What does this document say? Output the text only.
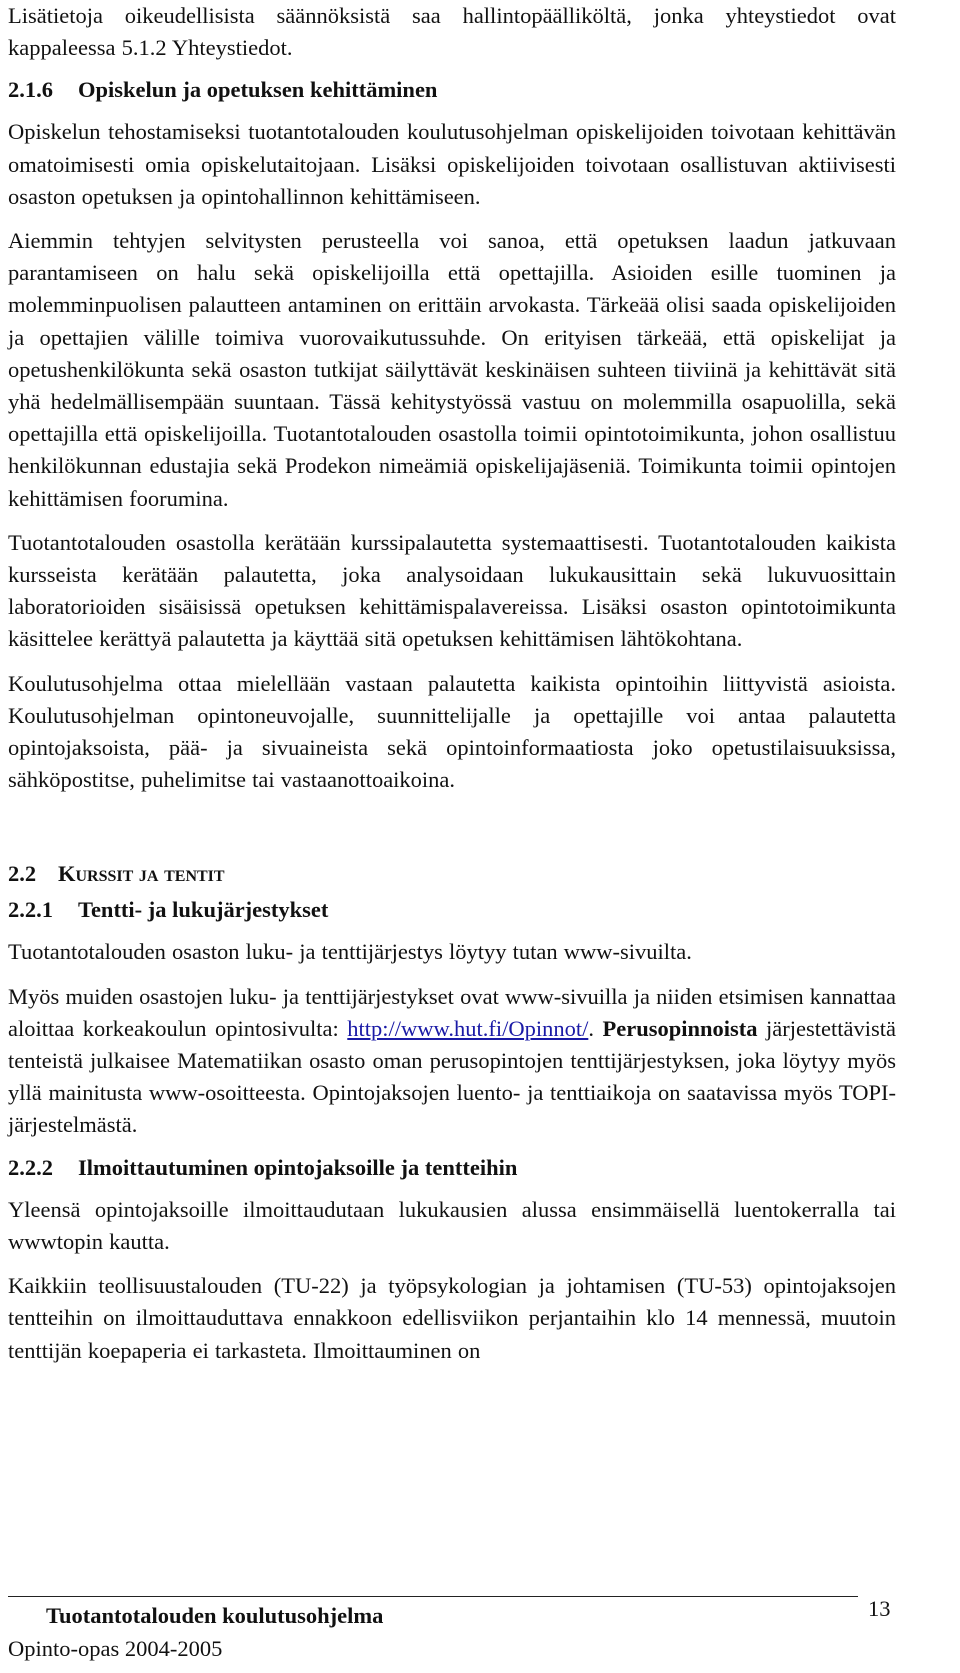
Lisätietoja oikeudellisista säännöksistä saa hallintopäälliköltä, jonka yhteystiedot ovat kappaleessa 5.1.2 Yhteystiedot.

2.1.6 Opiskelun ja opetuksen kehittäminen

Opiskelun tehostamiseksi tuotantotalouden koulutusohjelman opiskelijoiden toivotaan kehittävän omatoimisesti omia opiskelutaitojaan. Lisäksi opiskelijoiden toivotaan osallistuvan aktiivisesti osaston opetuksen ja opintohallinnon kehittämiseen.

Aiemmin tehtyjen selvitysten perusteella voi sanoa, että opetuksen laadun jatkuvaan parantamiseen on halu sekä opiskelijoilla että opettajilla. Asioiden esille tuominen ja molemminpuolisen palautteen antaminen on erittäin arvokasta. Tärkeää olisi saada opiskelijoiden ja opettajien välille toimiva vuorovaikutussuhde. On erityisen tärkeää, että opiskelijat ja opetushenkilökunta sekä osaston tutkijat säilyttävät keskinäisen suhteen tiiviinä ja kehittävät sitä yhä hedelmällisempään suuntaan. Tässä kehitystyössä vastuu on molemmilla osapuolilla, sekä opettajilla että opiskelijoilla. Tuotantotalouden osastolla toimii opintotoimikunta, johon osallistuu henkilökunnan edustajia sekä Prodekon nimeämiä opiskelijajäseniä. Toimikunta toimii opintojen kehittämisen foorumina.

Tuotantotalouden osastolla kerätään kurssipalautetta systemaattisesti. Tuotantotalouden kaikista kursseista kerätään palautetta, joka analysoidaan lukukausittain sekä lukuvuosittain laboratorioiden sisäisissä opetuksen kehittämispalavereissa. Lisäksi osaston opintotoimikunta käsittelee kerättyä palautetta ja käyttää sitä opetuksen kehittämisen lähtökohtana.

Koulutusohjelma ottaa mielellään vastaan palautetta kaikista opintoihin liittyvistä asioista. Koulutusohjelman opintoneuvojalle, suunnittelijalle ja opettajille voi antaa palautetta opintojaksoista, pää- ja sivuaineista sekä opintoinformaatiosta joko opetustilaisuuksissa, sähköpostitse, puhelimitse tai vastaanottoaikoina.

2.2 Kurssit ja tentit
2.2.1 Tentti- ja lukujärjestykset

Tuotantotalouden osaston luku- ja tenttijärjestys löytyy tutan www-sivuilta.

Myös muiden osastojen luku- ja tenttijärjestykset ovat www-sivuilla ja niiden etsimisen kannattaa aloittaa korkeakoulun opintosivulta: http://www.hut.fi/Opinnot/. Perusopinnoista järjestettävistä tenteistä julkaisee Matematiikan osasto oman perusopintojen tenttijärjestyksen, joka löytyy myös yllä mainitusta www-osoitteesta. Opintojaksojen luento- ja tenttiaikoja on saatavissa myös TOPI-järjestelmästä.

2.2.2 Ilmoittautuminen opintojaksoille ja tentteihin

Yleensä opintojaksoille ilmoittaudutaan lukukausien alussa ensimmäisellä luentokerralla tai wwwtopin kautta.

Kaikkiin teollisuustalouden (TU-22) ja työpsykologian ja johtamisen (TU-53) opintojaksojen tentteihin on ilmoittauduttava ennakkoon edellisviikon perjantaihin klo 14 mennessä, muutoin tenttijän koepaperia ei tarkasteta. Ilmoittauminen on

Tuotantotalouden koulutusohjelma
Opinto-opas 2004-2005
13
